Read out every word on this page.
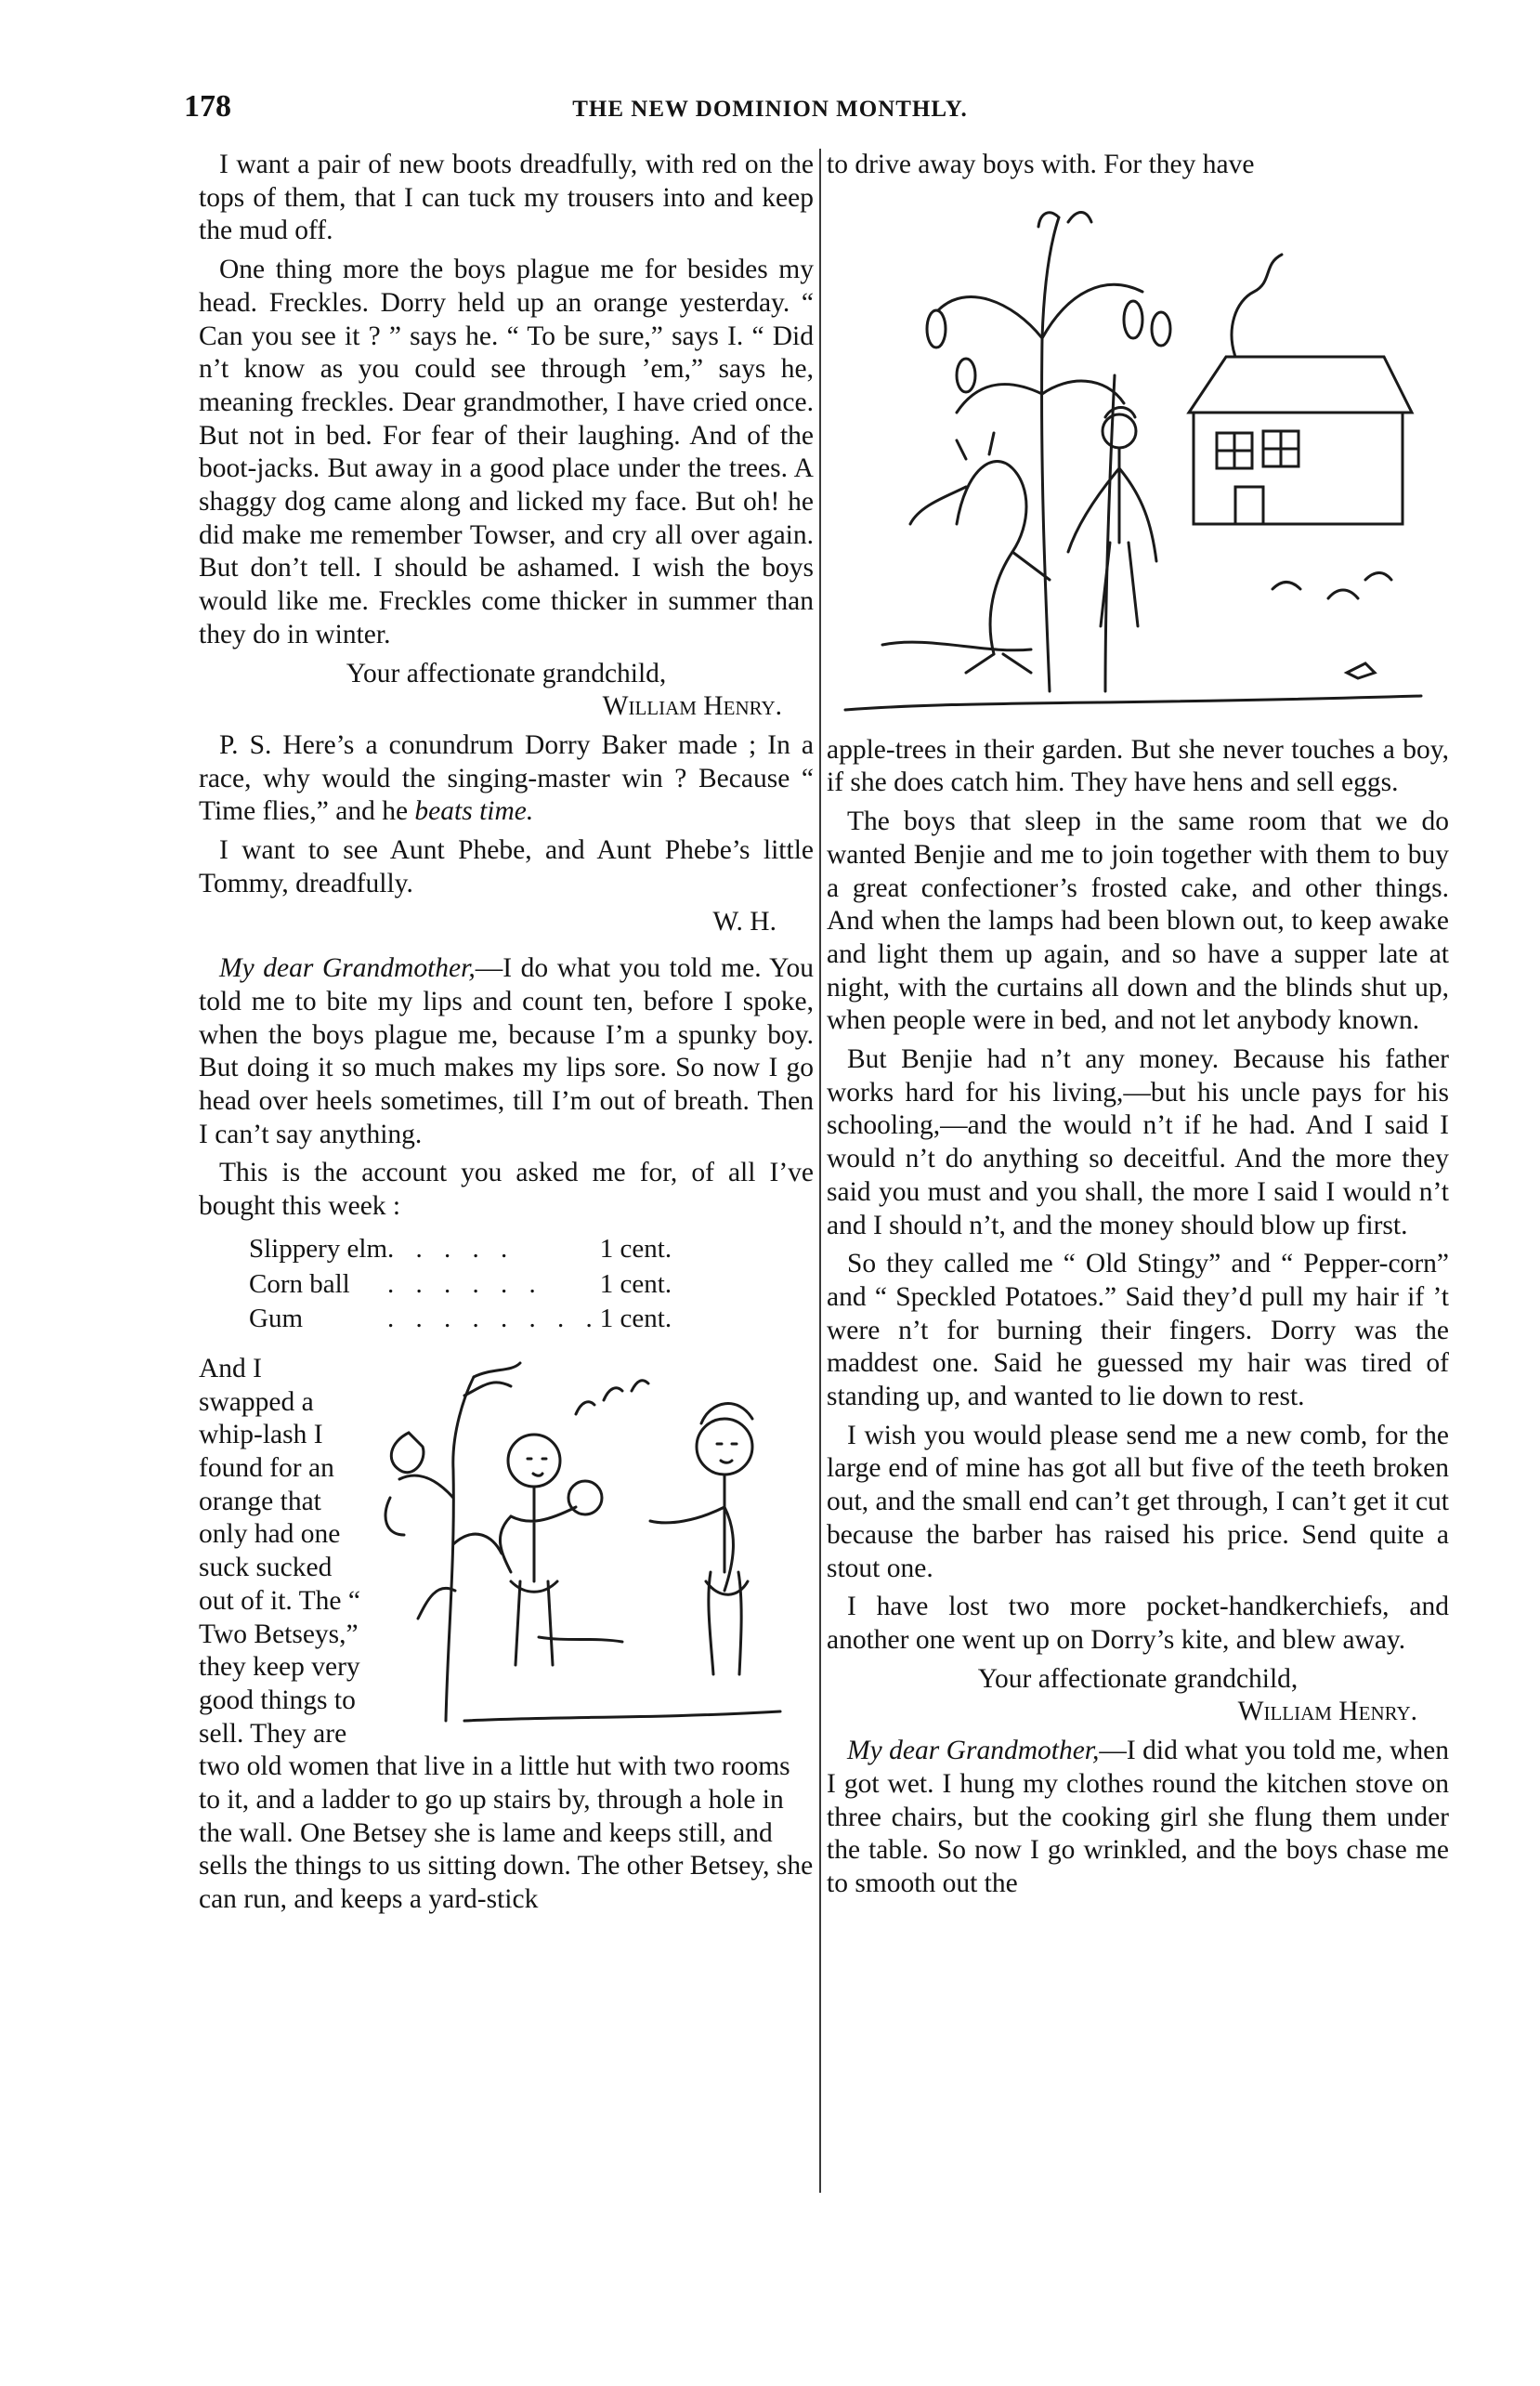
178	THE NEW DOMINION MONTHLY.

I want a pair of new boots dreadfully, with red on the tops of them, that I can tuck my trousers into and keep the mud off.

One thing more the boys plague me for besides my head. Freckles. Dorry held up an orange yesterday. “ Can you see it ? ” says he. “ To be sure,” says I. “ Did n’t know as you could see through ’em,” says he, meaning freckles. Dear grandmother, I have cried once. But not in bed. For fear of their laughing. And of the boot-jacks. But away in a good place under the trees. A shaggy dog came along and licked my face. But oh! he did make me remember Towser, and cry all over again. But don’t tell. I should be ashamed. I wish the boys would like me. Freckles come thicker in summer than they do in winter.

Your affectionate grandchild,

William Henry.

P. S. Here’s a conundrum Dorry Baker made ; In a race, why would the singing-master win ? Because “ Time flies,” and he beats time.

I want to see Aunt Phebe, and Aunt Phebe’s little Tommy, dreadfully.

W. H.

My dear Grandmother,—I do what you told me. You told me to bite my lips and count ten, before I spoke, when the boys plague me, because I’m a spunky boy. But doing it so much makes my lips sore. So now I go head over heels sometimes, till I’m out of breath. Then I can’t say anything.

This is the account you asked me for, of all I’ve bought this week :

Slippery elm	. . . . .	1 cent.
Corn ball	. . . . . .	1 cent.
Gum	. . . . . . . .	1 cent.

And I swapped a whip-lash I found for an orange that only had one suck sucked out of it. The “ Two Betseys,” they keep very good things to sell. They are two old women that live in a little hut with two rooms to it, and a ladder to go up stairs by, through a hole in the wall. One Betsey she is lame and keeps still, and sells the things to us sitting down. The other Betsey, she can run, and keeps a yard-stick

to drive away boys with. For they have

apple-trees in their garden. But she never touches a boy, if she does catch him. They have hens and sell eggs.

The boys that sleep in the same room that we do wanted Benjie and me to join together with them to buy a great confectioner’s frosted cake, and other things. And when the lamps had been blown out, to keep awake and light them up again, and so have a supper late at night, with the curtains all down and the blinds shut up, when people were in bed, and not let anybody known.

But Benjie had n’t any money. Because his father works hard for his living,—but his uncle pays for his schooling,—and the would n’t if he had. And I said I would n’t do anything so deceitful. And the more they said you must and you shall, the more I said I would n’t and I should n’t, and the money should blow up first.

So they called me “ Old Stingy” and “ Pepper-corn” and “ Speckled Potatoes.” Said they’d pull my hair if ’t were n’t for burning their fingers. Dorry was the maddest one. Said he guessed my hair was tired of standing up, and wanted to lie down to rest.

I wish you would please send me a new comb, for the large end of mine has got all but five of the teeth broken out, and the small end can’t get through, I can’t get it cut because the barber has raised his price. Send quite a stout one.

I have lost two more pocket-handkerchiefs, and another one went up on Dorry’s kite, and blew away.

Your affectionate grandchild,

William Henry.

My dear Grandmother,—I did what you told me, when I got wet. I hung my clothes round the kitchen stove on three chairs, but the cooking girl she flung them under the table. So now I go wrinkled, and the boys chase me to smooth out the
